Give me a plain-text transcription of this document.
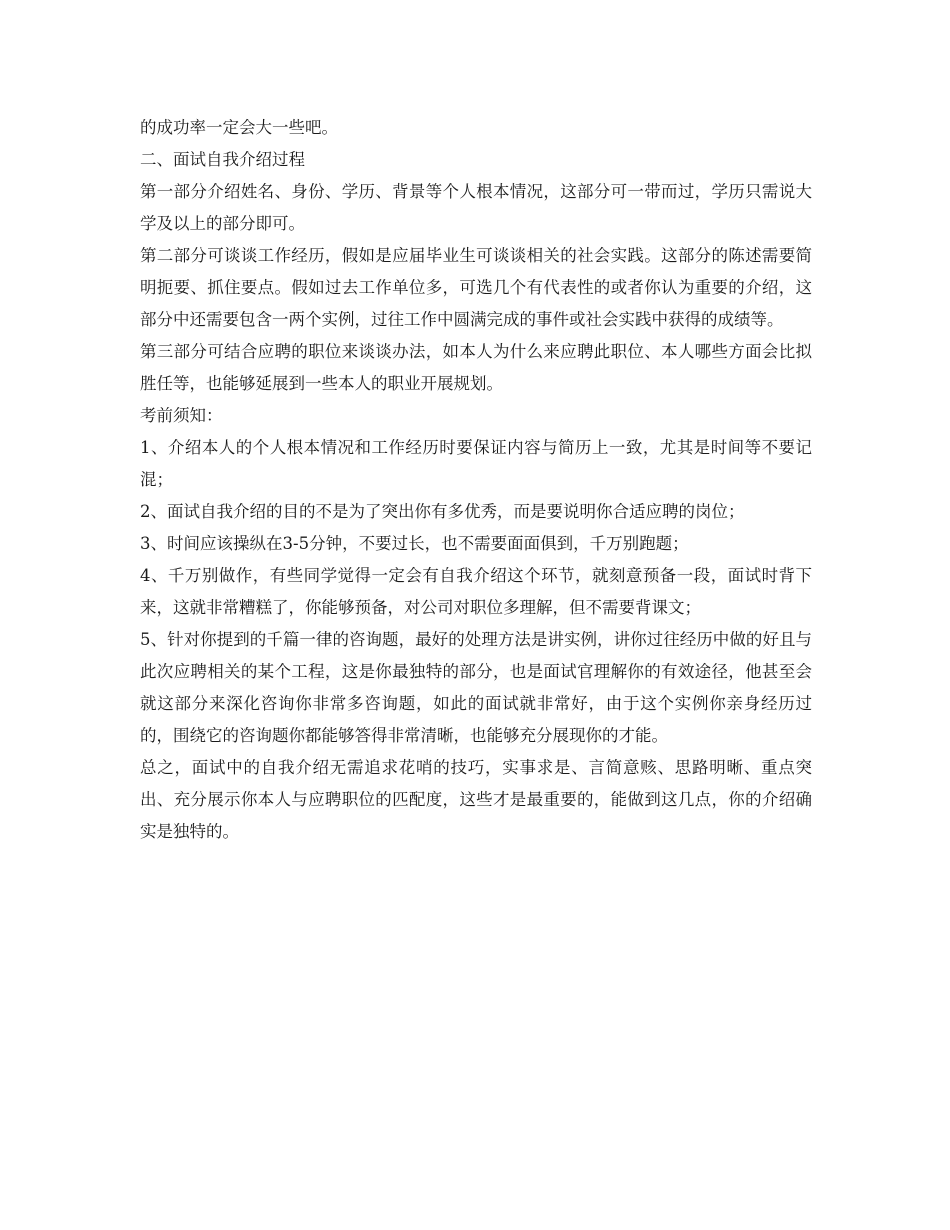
的成功率一定会大一些吧。

二、面试自我介绍过程

第一部分介绍姓名、身份、学历、背景等个人根本情况，这部分可一带而过，学历只需说大学及以上的部分即可。

第二部分可谈谈工作经历，假如是应届毕业生可谈谈相关的社会实践。这部分的陈述需要简明扼要、抓住要点。假如过去工作单位多，可选几个有代表性的或者你认为重要的介绍，这部分中还需要包含一两个实例，过往工作中圆满完成的事件或社会实践中获得的成绩等。

第三部分可结合应聘的职位来谈谈办法，如本人为什么来应聘此职位、本人哪些方面会比拟胜任等，也能够延展到一些本人的职业开展规划。

考前须知：

1、介绍本人的个人根本情况和工作经历时要保证内容与简历上一致，尤其是时间等不要记混；

2、面试自我介绍的目的不是为了突出你有多优秀，而是要说明你合适应聘的岗位；

3、时间应该操纵在3-5分钟，不要过长，也不需要面面俱到，千万别跑题；

4、千万别做作，有些同学觉得一定会有自我介绍这个环节，就刻意预备一段，面试时背下来，这就非常糟糕了，你能够预备，对公司对职位多理解，但不需要背课文；

5、针对你提到的千篇一律的咨询题，最好的处理方法是讲实例，讲你过往经历中做的好且与此次应聘相关的某个工程，这是你最独特的部分，也是面试官理解你的有效途径，他甚至会就这部分来深化咨询你非常多咨询题，如此的面试就非常好，由于这个实例你亲身经历过的，围绕它的咨询题你都能够答得非常清晰，也能够充分展现你的才能。

总之，面试中的自我介绍无需追求花哨的技巧，实事求是、言简意赅、思路明晰、重点突出、充分展示你本人与应聘职位的匹配度，这些才是最重要的，能做到这几点，你的介绍确实是独特的。
